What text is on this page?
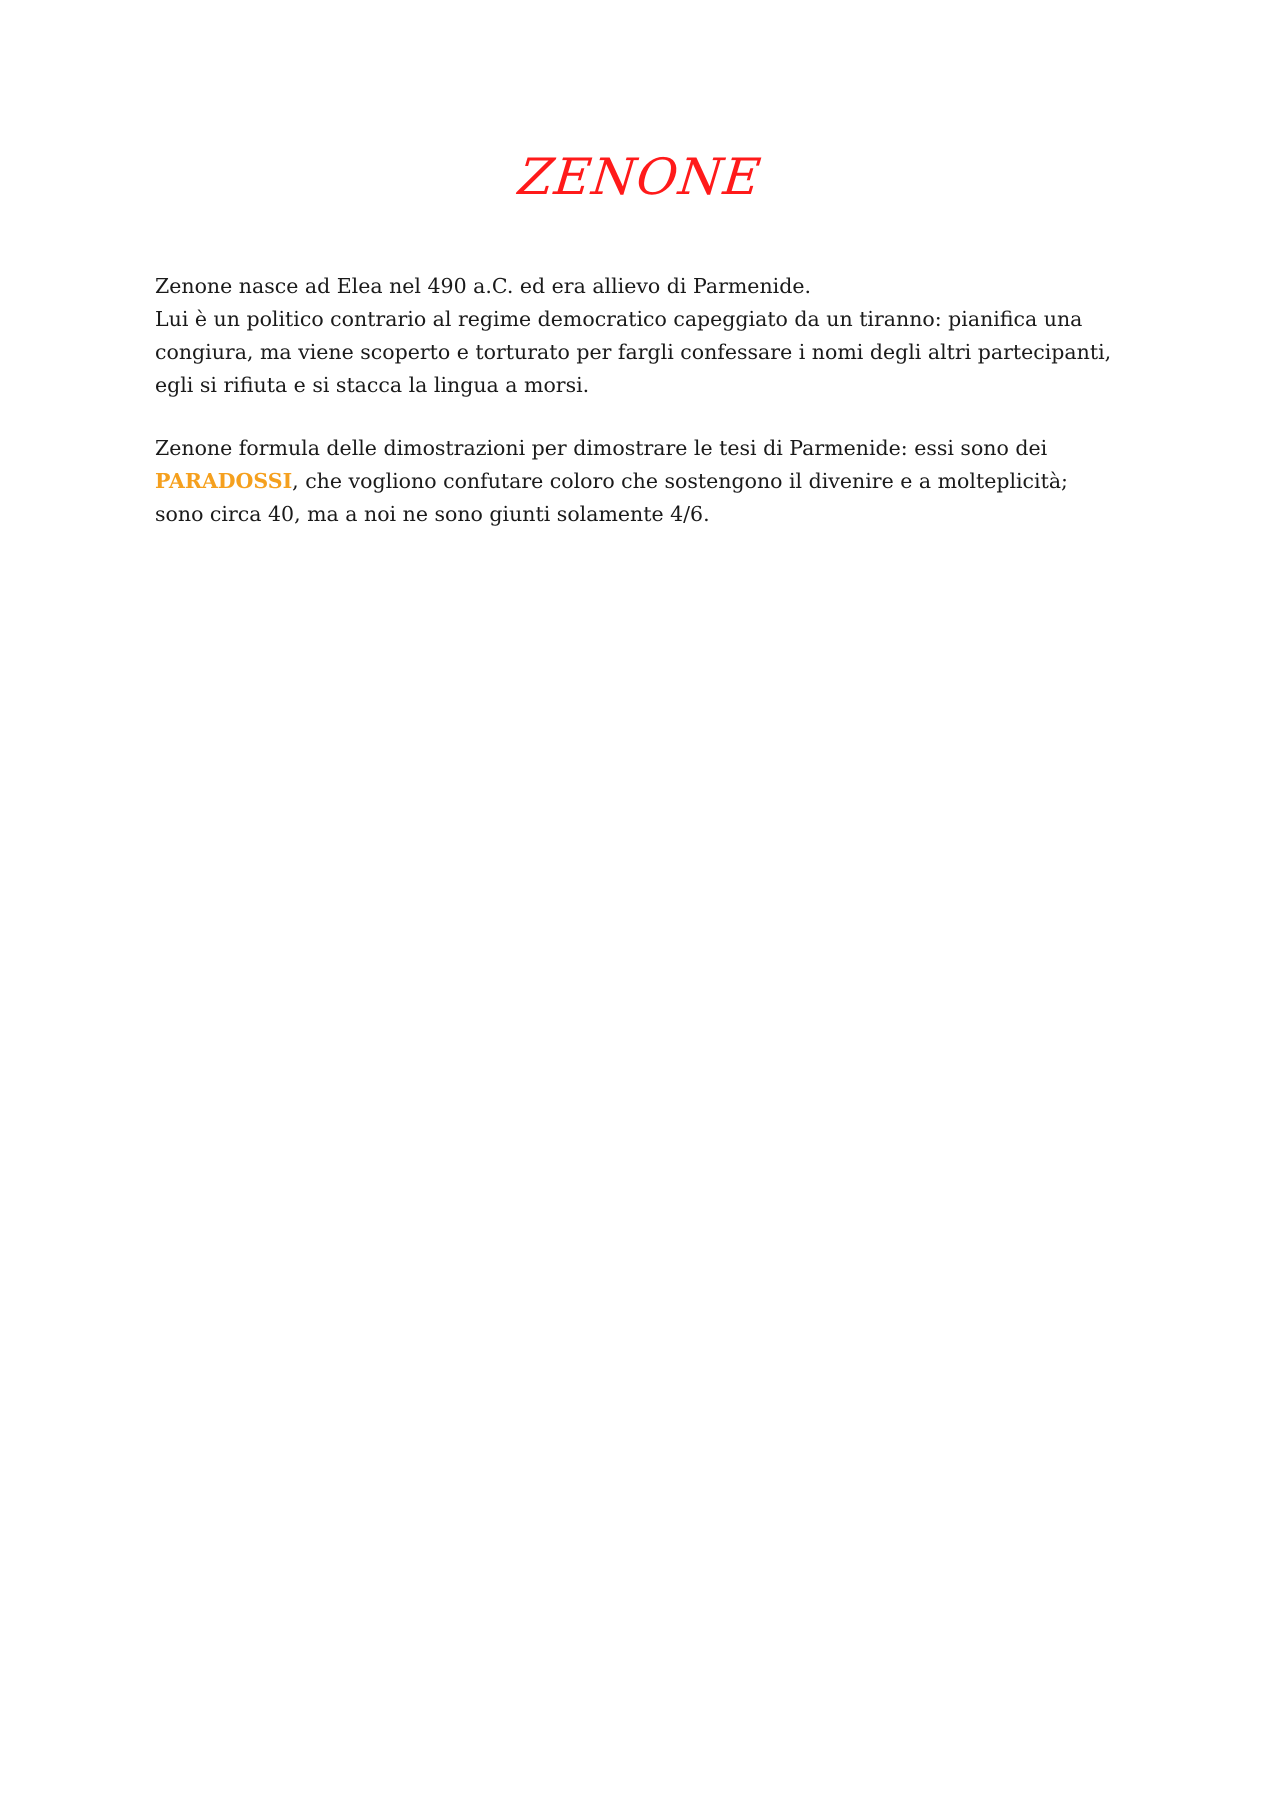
ZENONE
Zenone nasce ad Elea nel 490 a.C. ed era allievo di Parmenide.
Lui è un politico contrario al regime democratico capeggiato da un tiranno: pianifica una
congiura, ma viene scoperto e torturato per fargli confessare i nomi degli altri partecipanti,
egli si rifiuta e si stacca la lingua a morsi.
Zenone formula delle dimostrazioni per dimostrare le tesi di Parmenide: essi sono dei
PARADOSSI, che vogliono confutare coloro che sostengono il divenire e a molteplicità;
sono circa 40, ma a noi ne sono giunti solamente 4/6.
